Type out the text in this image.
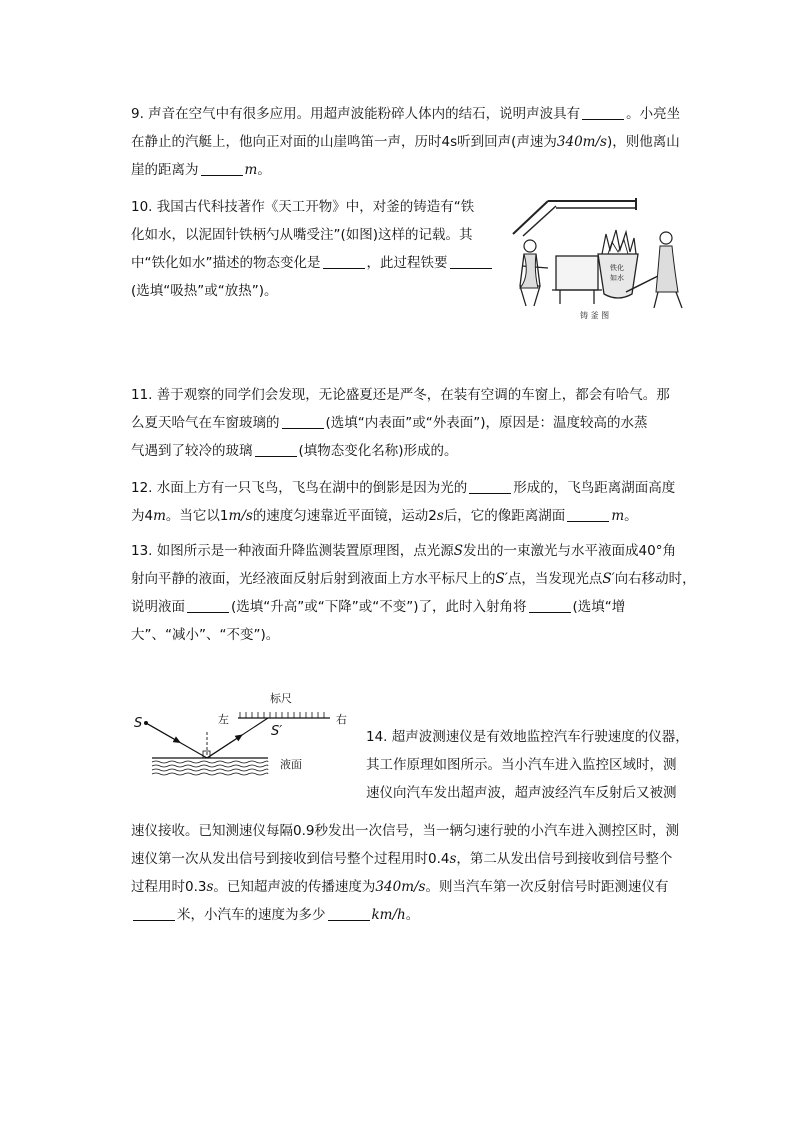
9. 声音在空气中有很多应用。用超声波能粉碎人体内的结石，说明声波具有	。小亮坐
在静止的汽艇上，他向正对面的山崖鸣笛一声，历时4s听到回声(声速为340m/s)，则他离山
崖的距离为	m。
10. 我国古代科技著作《天工开物》中，对釜的铸造有“铁
化如水，以泥固针铁柄勺从嘴受注”(如图)这样的记载。其
中“铁化如水”描述的物态变化是	，此过程铁要
(选填“吸热”或“放热”)。
铁化
如水
铸 釜 图
11. 善于观察的同学们会发现，无论盛夏还是严冬，在装有空调的车窗上，都会有哈气。那
么夏天哈气在车窗玻璃的	(选填“内表面”或“外表面”)，原因是：温度较高的水蒸
气遇到了较冷的玻璃	(填物态变化名称)形成的。
12. 水面上方有一只飞鸟，飞鸟在湖中的倒影是因为光的	形成的，飞鸟距离湖面高度
为4m。当它以1m/s的速度匀速靠近平面镜，运动2s后，它的像距离湖面	m。
13. 如图所示是一种液面升降监测装置原理图，点光源S发出的一束激光与水平液面成40°角
射向平静的液面，光经液面反射后射到液面上方水平标尺上的S′点，当发现光点S′向右移动时，
说明液面	(选填“升高”或“下降”或“不变”)了，此时入射角将	(选填“增
大”、“减小”、“不变”)。
标尺
左	右
S
S′
液面
14. 超声波测速仪是有效地监控汽车行驶速度的仪器，
其工作原理如图所示。当小汽车进入监控区域时，测
速仪向汽车发出超声波，超声波经汽车反射后又被测
速仪接收。已知测速仪每隔0.9秒发出一次信号，当一辆匀速行驶的小汽车进入测控区时，测
速仪第一次从发出信号到接收到信号整个过程用时0.4s，第二从发出信号到接收到信号整个
过程用时0.3s。已知超声波的传播速度为340m/s。则当汽车第一次反射信号时距测速仪有
米，小汽车的速度为多少	km/h。
